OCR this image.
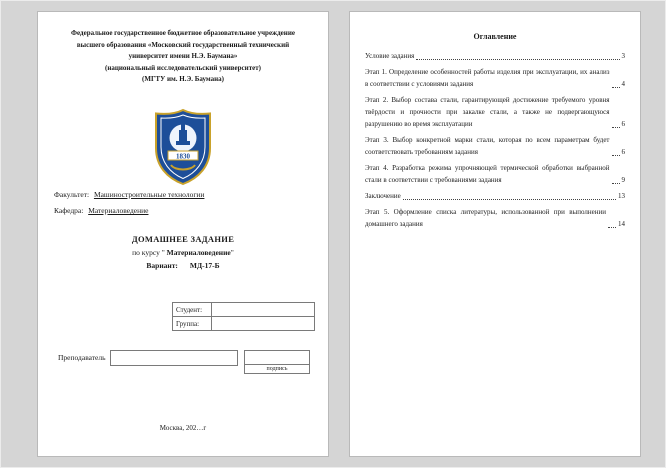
Федеральное государственное бюджетное образовательное учреждение
высшего образования «Московский государственный технический
университет имени Н.Э. Баумана»
(национальный исследовательский университет)
(МГТУ им. Н.Э. Баумана)
1830
Факультет: Машиностроительные технологии
Кафедра: Материаловедение
ДОМАШНЕЕ ЗАДАНИЕ
по курсу " Материаловедение"
Вариант: МД-17-Б
Студент:	
Группа:	
Преподаватель
подпись
Москва, 202…г
Оглавление
Условие задания	3
Этап 1. Определение особенностей работы изделия при эксплуатации, их анализ в соответствии с условиями задания	4
Этап 2. Выбор состава стали, гарантирующей достижение требуемого уровня твёрдости и прочности при закалке стали, а также не подвергающуюся разрушению во время эксплуатации	6
Этап 3. Выбор конкретной марки стали, которая по всем параметрам будет соответствовать требованиям задания	6
Этап 4. Разработка режима упрочняющей термической обработки выбранной стали в соответствии с требованиями задания	9
Заключение	13
Этап 5. Оформление списка литературы, использованной при выполнении домашнего задания	14
